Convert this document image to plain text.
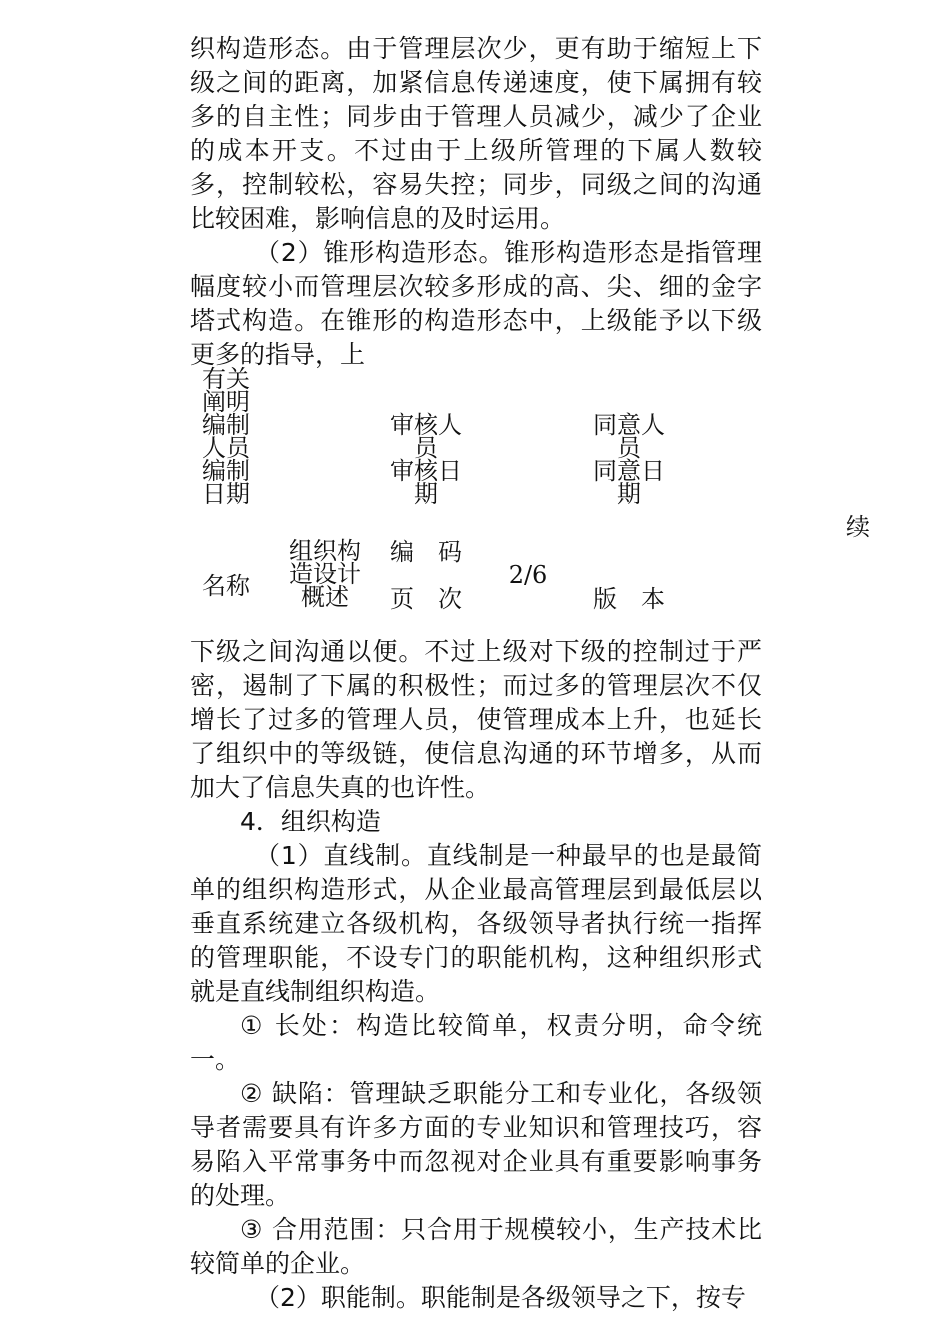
织构造形态。由于管理层次少，更有助于缩短上下级之间的距离，加紧信息传递速度，使下属拥有较多的自主性；同步由于管理人员减少，减少了企业的成本开支。不过由于上级所管理的下属人数较多，控制较松，容易失控；同步，同级之间的沟通比较困难，影响信息的及时运用。

（2）锥形构造形态。锥形构造形态是指管理幅度较小而管理层次较多形成的高、尖、细的金字塔式构造。在锥形的构造形态中，上级能予以下级更多的指导，上

有关阐明
编制人员
编制日期
审核人员
审核日期
同意人员
同意日期
续
名称
组织构造设计概述
编　码
页　次
2/6
版　本

下级之间沟通以便。不过上级对下级的控制过于严密，遏制了下属的积极性；而过多的管理层次不仅增长了过多的管理人员，使管理成本上升，也延长了组织中的等级链，使信息沟通的环节增多，从而加大了信息失真的也许性。

4．组织构造

（1）直线制。直线制是一种最早的也是最简单的组织构造形式，从企业最高管理层到最低层以垂直系统建立各级机构，各级领导者执行统一指挥的管理职能，不设专门的职能机构，这种组织形式就是直线制组织构造。

① 长处：构造比较简单，权责分明，命令统一。

② 缺陷：管理缺乏职能分工和专业化，各级领导者需要具有许多方面的专业知识和管理技巧，容易陷入平常事务中而忽视对企业具有重要影响事务的处理。

③ 合用范围：只合用于规模较小，生产技术比较简单的企业。

（2）职能制。职能制是各级领导之下，按专
